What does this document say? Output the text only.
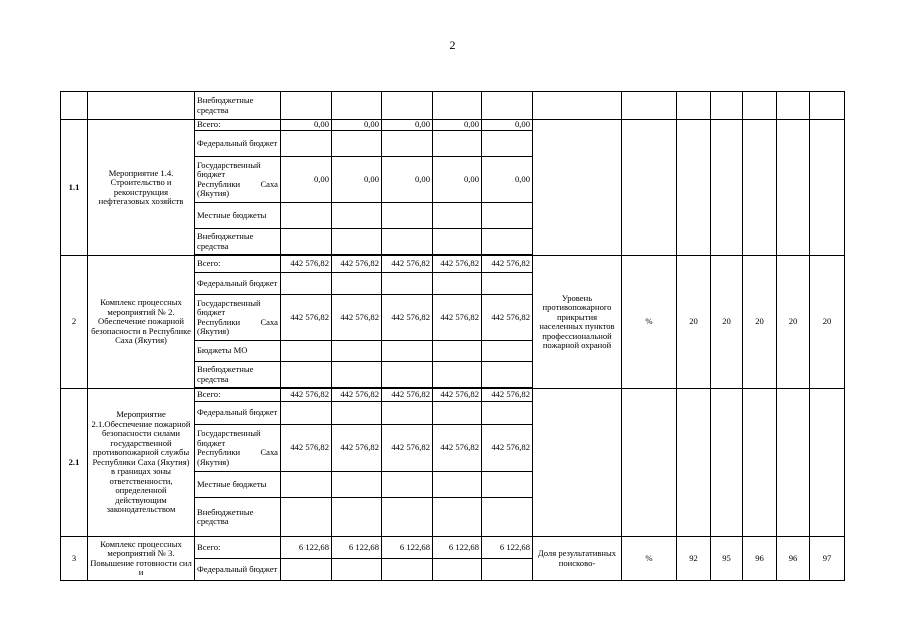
2
		Внебюджетные средства												
1.1	Мероприятие 1.4. Строительство и реконструкция нефтегазовых хозяйств	Всего:	0,00	0,00	0,00	0,00	0,00							
		Федеральный бюджет												

		Государственный бюджет
Республики Саха
(Якутия)	0,00	0,00	0,00	0,00	0,00							
		Местные бюджеты												
		Внебюджетные средства												

2	Комплекс процессных мероприятий № 2. Обеспечение пожарной безопасности в Республике Саха (Якутия)	Всего:	442 576,82	442 576,82	442 576,82	442 576,82	442 576,82	Уровень противопожарного прикрытия населенных пунктов профессиональной пожарной охраной	%	20	20	20	20	20
		Федеральный бюджет												

		Государственный бюджет
Республики Саха
(Якутия)	442 576,82	442 576,82	442 576,82	442 576,82	442 576,82							
		Бюджеты МО												
		Внебюджетные средства												

2.1	Мероприятие 2.1.Обеспечение пожарной безопасности силами государственной противопожарной службы Республики Саха (Якутия) в границах зоны ответственности, определенной действующим законодательством	Всего:	442 576,82	442 576,82	442 576,82	442 576,82	442 576,82							
		Федеральный бюджет												

		Государственный бюджет
Республики Саха
(Якутия)	442 576,82	442 576,82	442 576,82	442 576,82	442 576,82							
		Местные бюджеты												
		Внебюджетные средства												
3	Комплекс процессных мероприятий № 3. Повышение готовности сил и	Всего:	6 122,68	6 122,68	6 122,68	6 122,68	6 122,68	Доля результативных поисково-	%	92	95	96	96	97
		Федеральный бюджет												
